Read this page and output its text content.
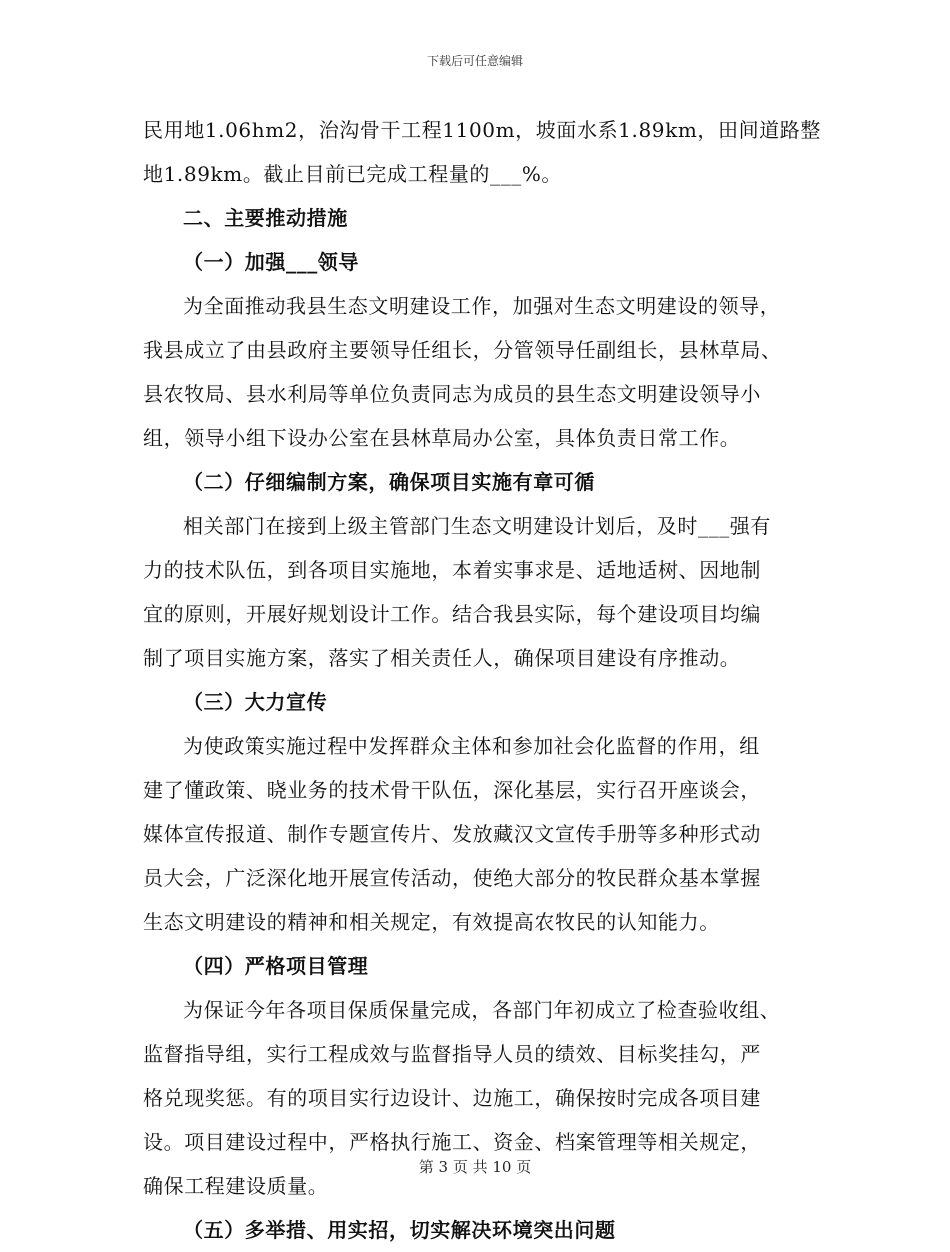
下载后可任意编辑
民用地1.06hm2，治沟骨干工程1100m，坡面水系1.89km，田间道路整
地1.89km。截止目前已完成工程量的___%。
二、主要推动措施
（一）加强___领导
为全面推动我县生态文明建设工作，加强对生态文明建设的领导，
我县成立了由县政府主要领导任组长，分管领导任副组长，县林草局、
县农牧局、县水利局等单位负责同志为成员的县生态文明建设领导小
组，领导小组下设办公室在县林草局办公室，具体负责日常工作。
（二）仔细编制方案，确保项目实施有章可循
相关部门在接到上级主管部门生态文明建设计划后，及时___强有
力的技术队伍，到各项目实施地，本着实事求是、适地适树、因地制
宜的原则，开展好规划设计工作。结合我县实际，每个建设项目均编
制了项目实施方案，落实了相关责任人，确保项目建设有序推动。
（三）大力宣传
为使政策实施过程中发挥群众主体和参加社会化监督的作用，组
建了懂政策、晓业务的技术骨干队伍，深化基层，实行召开座谈会，
媒体宣传报道、制作专题宣传片、发放藏汉文宣传手册等多种形式动
员大会，广泛深化地开展宣传活动，使绝大部分的牧民群众基本掌握
生态文明建设的精神和相关规定，有效提高农牧民的认知能力。
（四）严格项目管理
为保证今年各项目保质保量完成，各部门年初成立了检查验收组、
监督指导组，实行工程成效与监督指导人员的绩效、目标奖挂勾，严
格兑现奖惩。有的项目实行边设计、边施工，确保按时完成各项目建
设。项目建设过程中，严格执行施工、资金、档案管理等相关规定，
确保工程建设质量。
（五）多举措、用实招，切实解决环境突出问题
第 3 页 共 10 页
